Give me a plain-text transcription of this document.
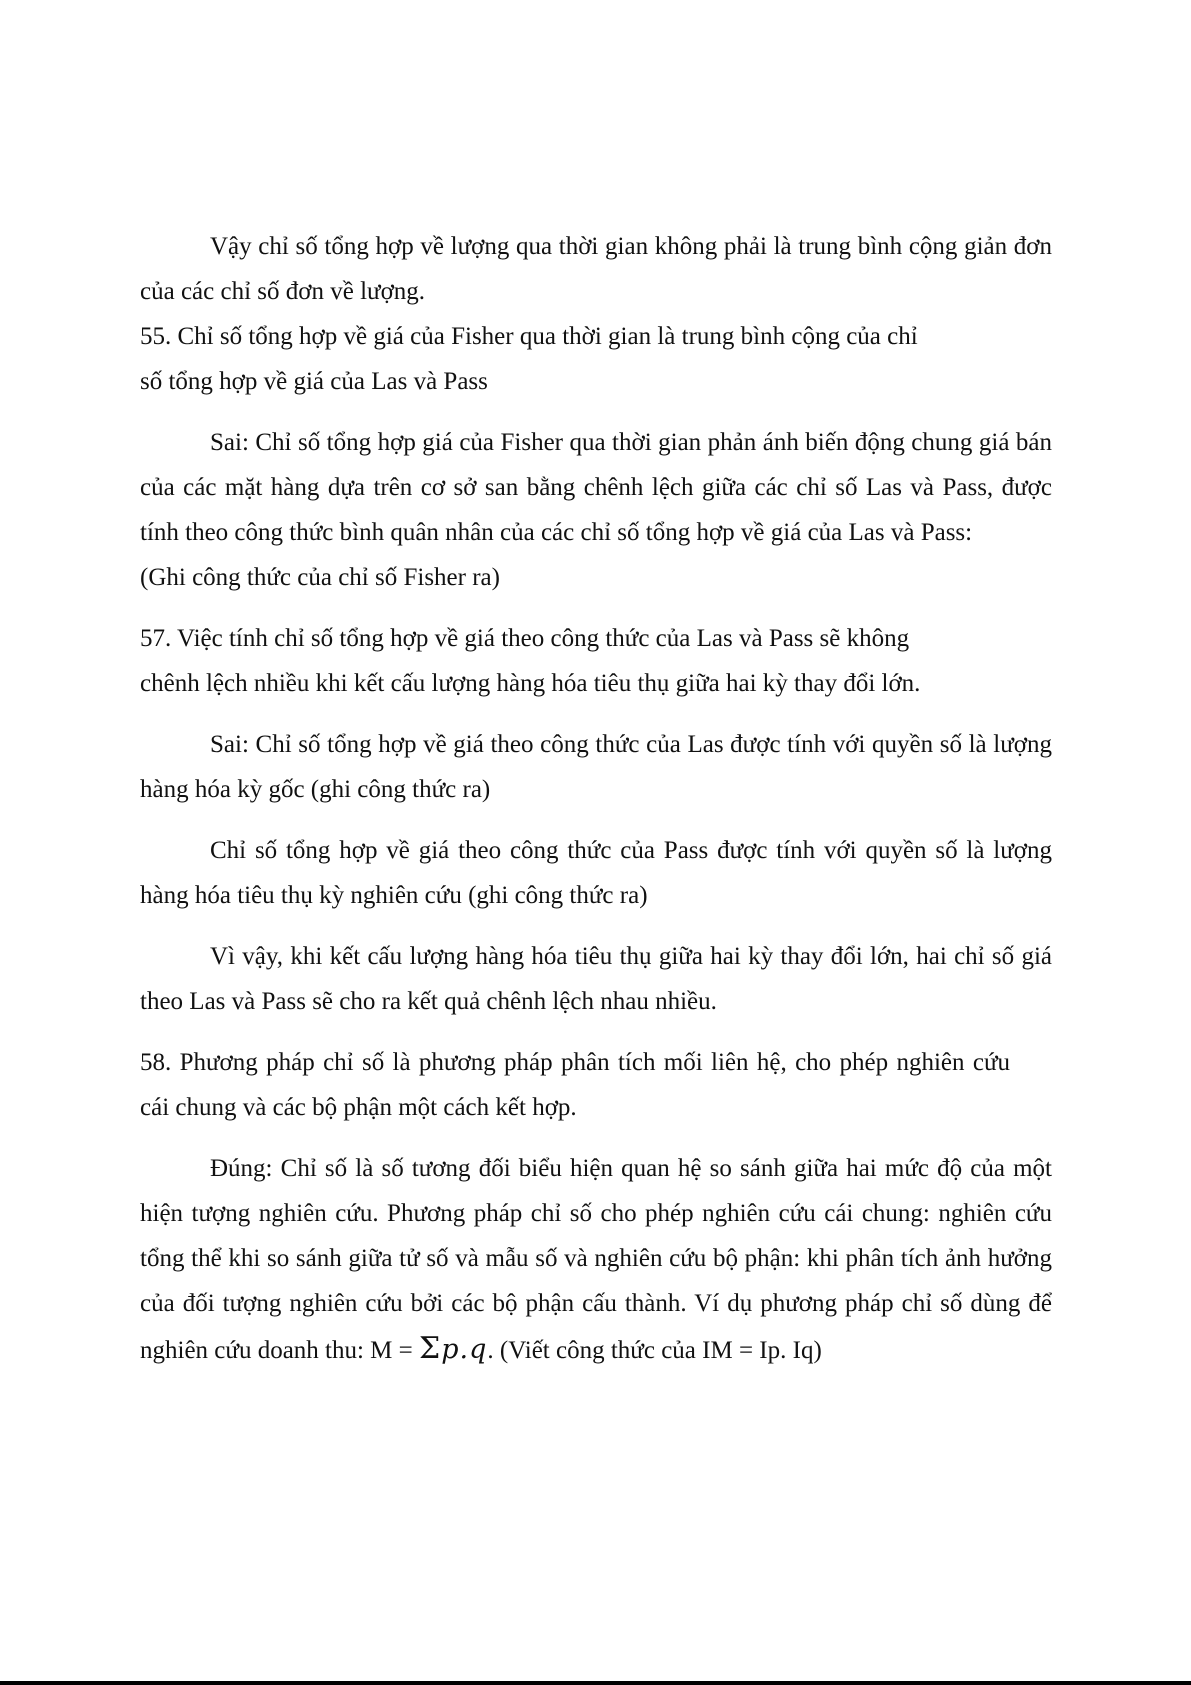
Vậy chỉ số tổng hợp về lượng qua thời gian không phải là trung bình cộng giản đơn của các chỉ số đơn về lượng.

55. Chỉ số tổng hợp về giá của Fisher qua thời gian là trung bình cộng của chỉ

số tổng hợp về giá của Las và Pass

Sai: Chỉ số tổng hợp giá của Fisher qua thời gian phản ánh biến động chung giá bán của các mặt hàng dựa trên cơ sở san bằng chênh lệch giữa các chỉ số Las và Pass, được tính theo công thức bình quân nhân của các chỉ số tổng hợp về giá của Las và Pass:

(Ghi công thức của chỉ số Fisher ra)

57. Việc tính chỉ số tổng hợp về giá theo công thức của Las và Pass sẽ không

chênh lệch nhiều khi kết cấu lượng hàng hóa tiêu thụ giữa hai kỳ thay đổi lớn.

Sai: Chỉ số tổng hợp về giá theo công thức của Las được tính với quyền số là lượng hàng hóa kỳ gốc (ghi công thức ra)

Chỉ số tổng hợp về giá theo công thức của Pass được tính với quyền số là lượng hàng hóa tiêu thụ kỳ nghiên cứu (ghi công thức ra)

Vì vậy, khi kết cấu lượng hàng hóa tiêu thụ giữa hai kỳ thay đổi lớn, hai chỉ số giá theo Las và Pass sẽ cho ra kết quả chênh lệch nhau nhiều.

58. Phương pháp chỉ số là phương pháp phân tích mối liên hệ, cho phép nghiên cứu cái chung và các bộ phận một cách kết hợp.

Đúng: Chỉ số là số tương đối biểu hiện quan hệ so sánh giữa hai mức độ của một hiện tượng nghiên cứu. Phương pháp chỉ số cho phép nghiên cứu cái chung: nghiên cứu tổng thể khi so sánh giữa tử số và mẫu số và nghiên cứu bộ phận: khi phân tích ảnh hưởng của đối tượng nghiên cứu bởi các bộ phận cấu thành. Ví dụ phương pháp chỉ số dùng để nghiên cứu doanh thu: M = Σp.q. (Viết công thức của IM = Ip. Iq)
